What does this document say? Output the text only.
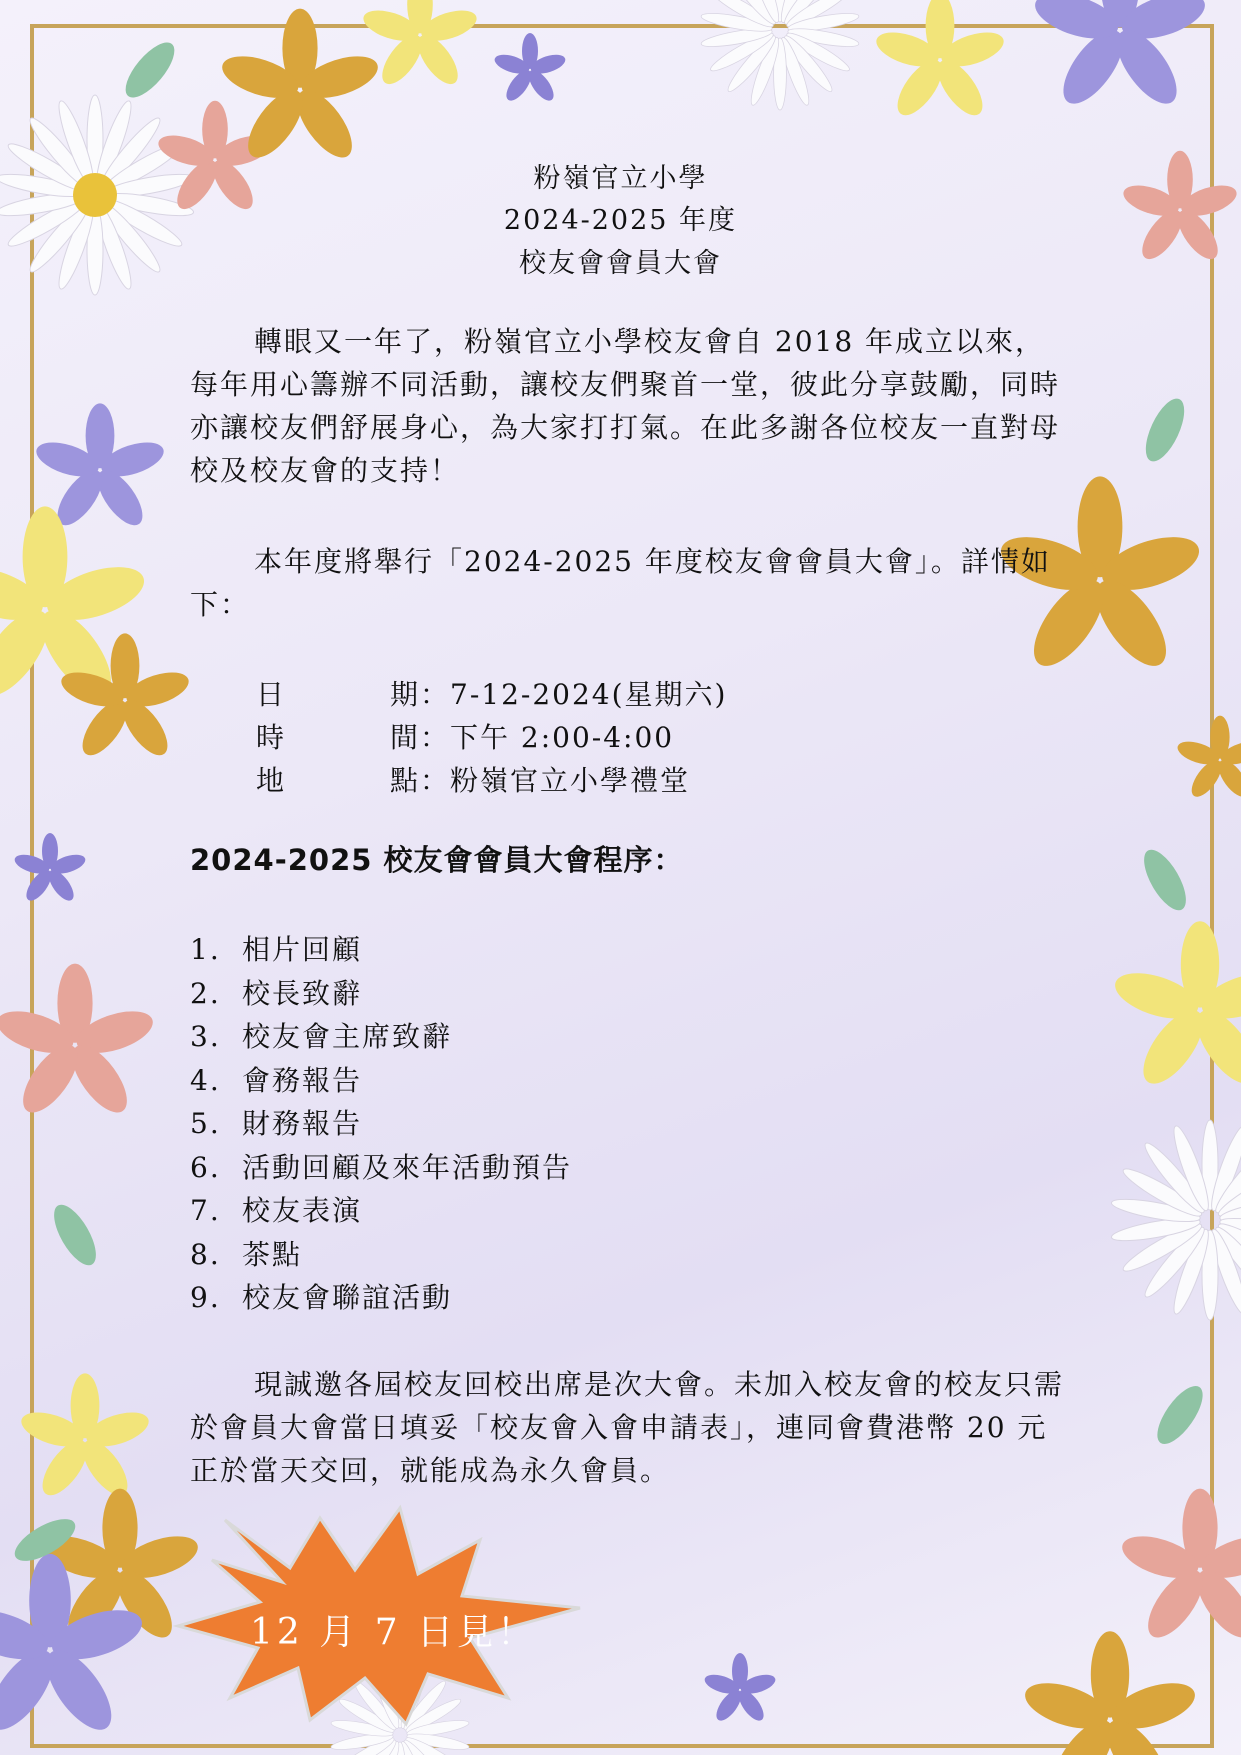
粉嶺官立小學
2024-2025 年度
校友會會員大會

轉眼又一年了，粉嶺官立小學校友會自 2018 年成立以來，每年用心籌辦不同活動，讓校友們聚首一堂，彼此分享鼓勵，同時亦讓校友們舒展身心，為大家打打氣。在此多謝各位校友一直對母校及校友會的支持！

本年度將舉行「2024-2025 年度校友會會員大會」。詳情如下：

日期：7-12-2024(星期六)
時間：下午 2:00-4:00
地點：粉嶺官立小學禮堂
2024-2025 校友會會員大會程序：
1. 相片回顧
2. 校長致辭
3. 校友會主席致辭
4. 會務報告
5. 財務報告
6. 活動回顧及來年活動預告
7. 校友表演
8. 茶點
9. 校友會聯誼活動

現誠邀各屆校友回校出席是次大會。未加入校友會的校友只需於會員大會當日填妥「校友會入會申請表」，連同會費港幣 20 元正於當天交回，就能成為永久會員。

12 月 7 日見！
